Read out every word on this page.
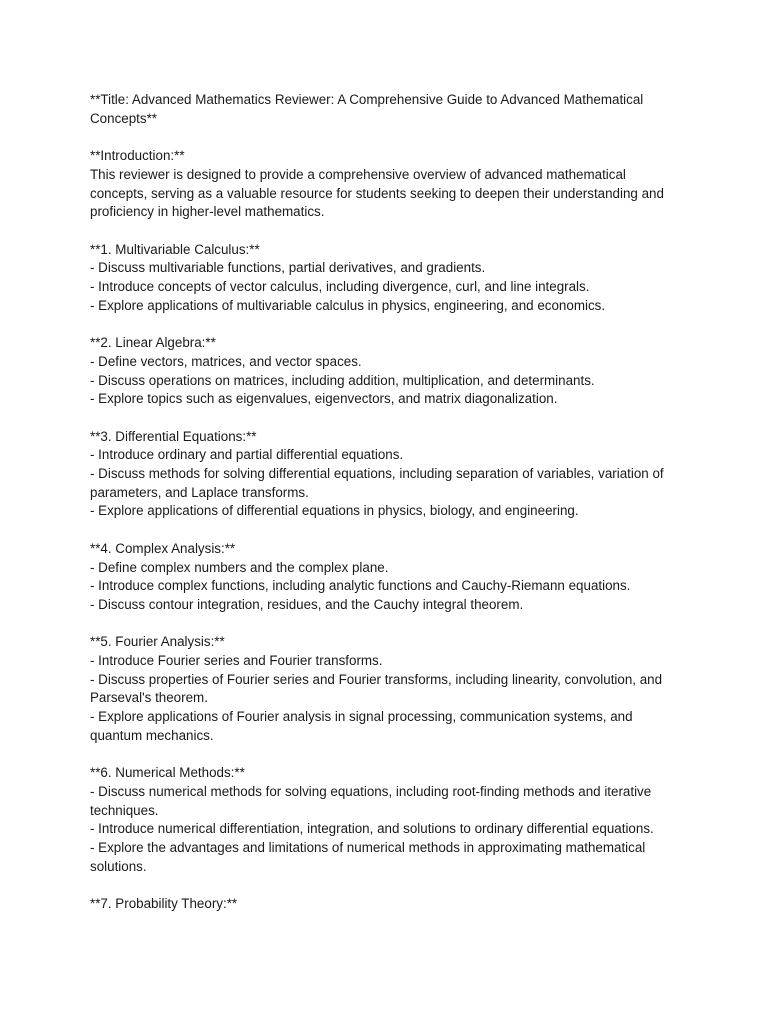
**Title: Advanced Mathematics Reviewer: A Comprehensive Guide to Advanced Mathematical Concepts**
**Introduction:**
This reviewer is designed to provide a comprehensive overview of advanced mathematical concepts, serving as a valuable resource for students seeking to deepen their understanding and proficiency in higher-level mathematics.
**1. Multivariable Calculus:**
- Discuss multivariable functions, partial derivatives, and gradients.
- Introduce concepts of vector calculus, including divergence, curl, and line integrals.
- Explore applications of multivariable calculus in physics, engineering, and economics.
**2. Linear Algebra:**
- Define vectors, matrices, and vector spaces.
- Discuss operations on matrices, including addition, multiplication, and determinants.
- Explore topics such as eigenvalues, eigenvectors, and matrix diagonalization.
**3. Differential Equations:**
- Introduce ordinary and partial differential equations.
- Discuss methods for solving differential equations, including separation of variables, variation of parameters, and Laplace transforms.
- Explore applications of differential equations in physics, biology, and engineering.
**4. Complex Analysis:**
- Define complex numbers and the complex plane.
- Introduce complex functions, including analytic functions and Cauchy-Riemann equations.
- Discuss contour integration, residues, and the Cauchy integral theorem.
**5. Fourier Analysis:**
- Introduce Fourier series and Fourier transforms.
- Discuss properties of Fourier series and Fourier transforms, including linearity, convolution, and Parseval's theorem.
- Explore applications of Fourier analysis in signal processing, communication systems, and quantum mechanics.
**6. Numerical Methods:**
- Discuss numerical methods for solving equations, including root-finding methods and iterative techniques.
- Introduce numerical differentiation, integration, and solutions to ordinary differential equations.
- Explore the advantages and limitations of numerical methods in approximating mathematical solutions.
**7. Probability Theory:**
